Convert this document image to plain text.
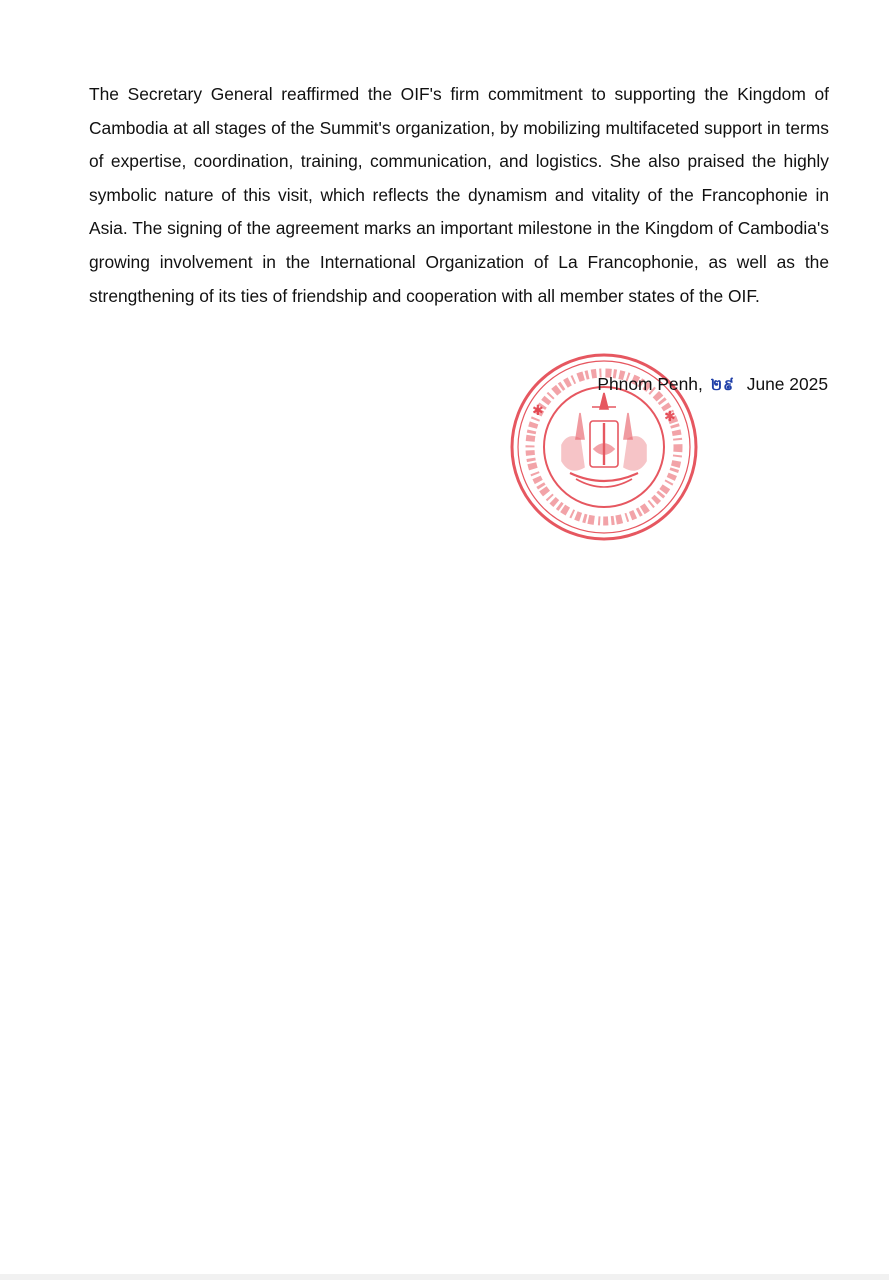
The Secretary General reaffirmed the OIF's firm commitment to supporting the Kingdom of Cambodia at all stages of the Summit's organization, by mobilizing multifaceted support in terms of expertise, coordination, training, communication, and logistics. She also praised the highly symbolic nature of this visit, which reflects the dynamism and vitality of the Francophonie in Asia. The signing of the agreement marks an important milestone in the Kingdom of Cambodia's growing involvement in the International Organization of La Francophonie, as well as the strengthening of its ties of friendship and cooperation with all member states of the OIF.

✱	✱
Phnom Penh, ២៩ June 2025
